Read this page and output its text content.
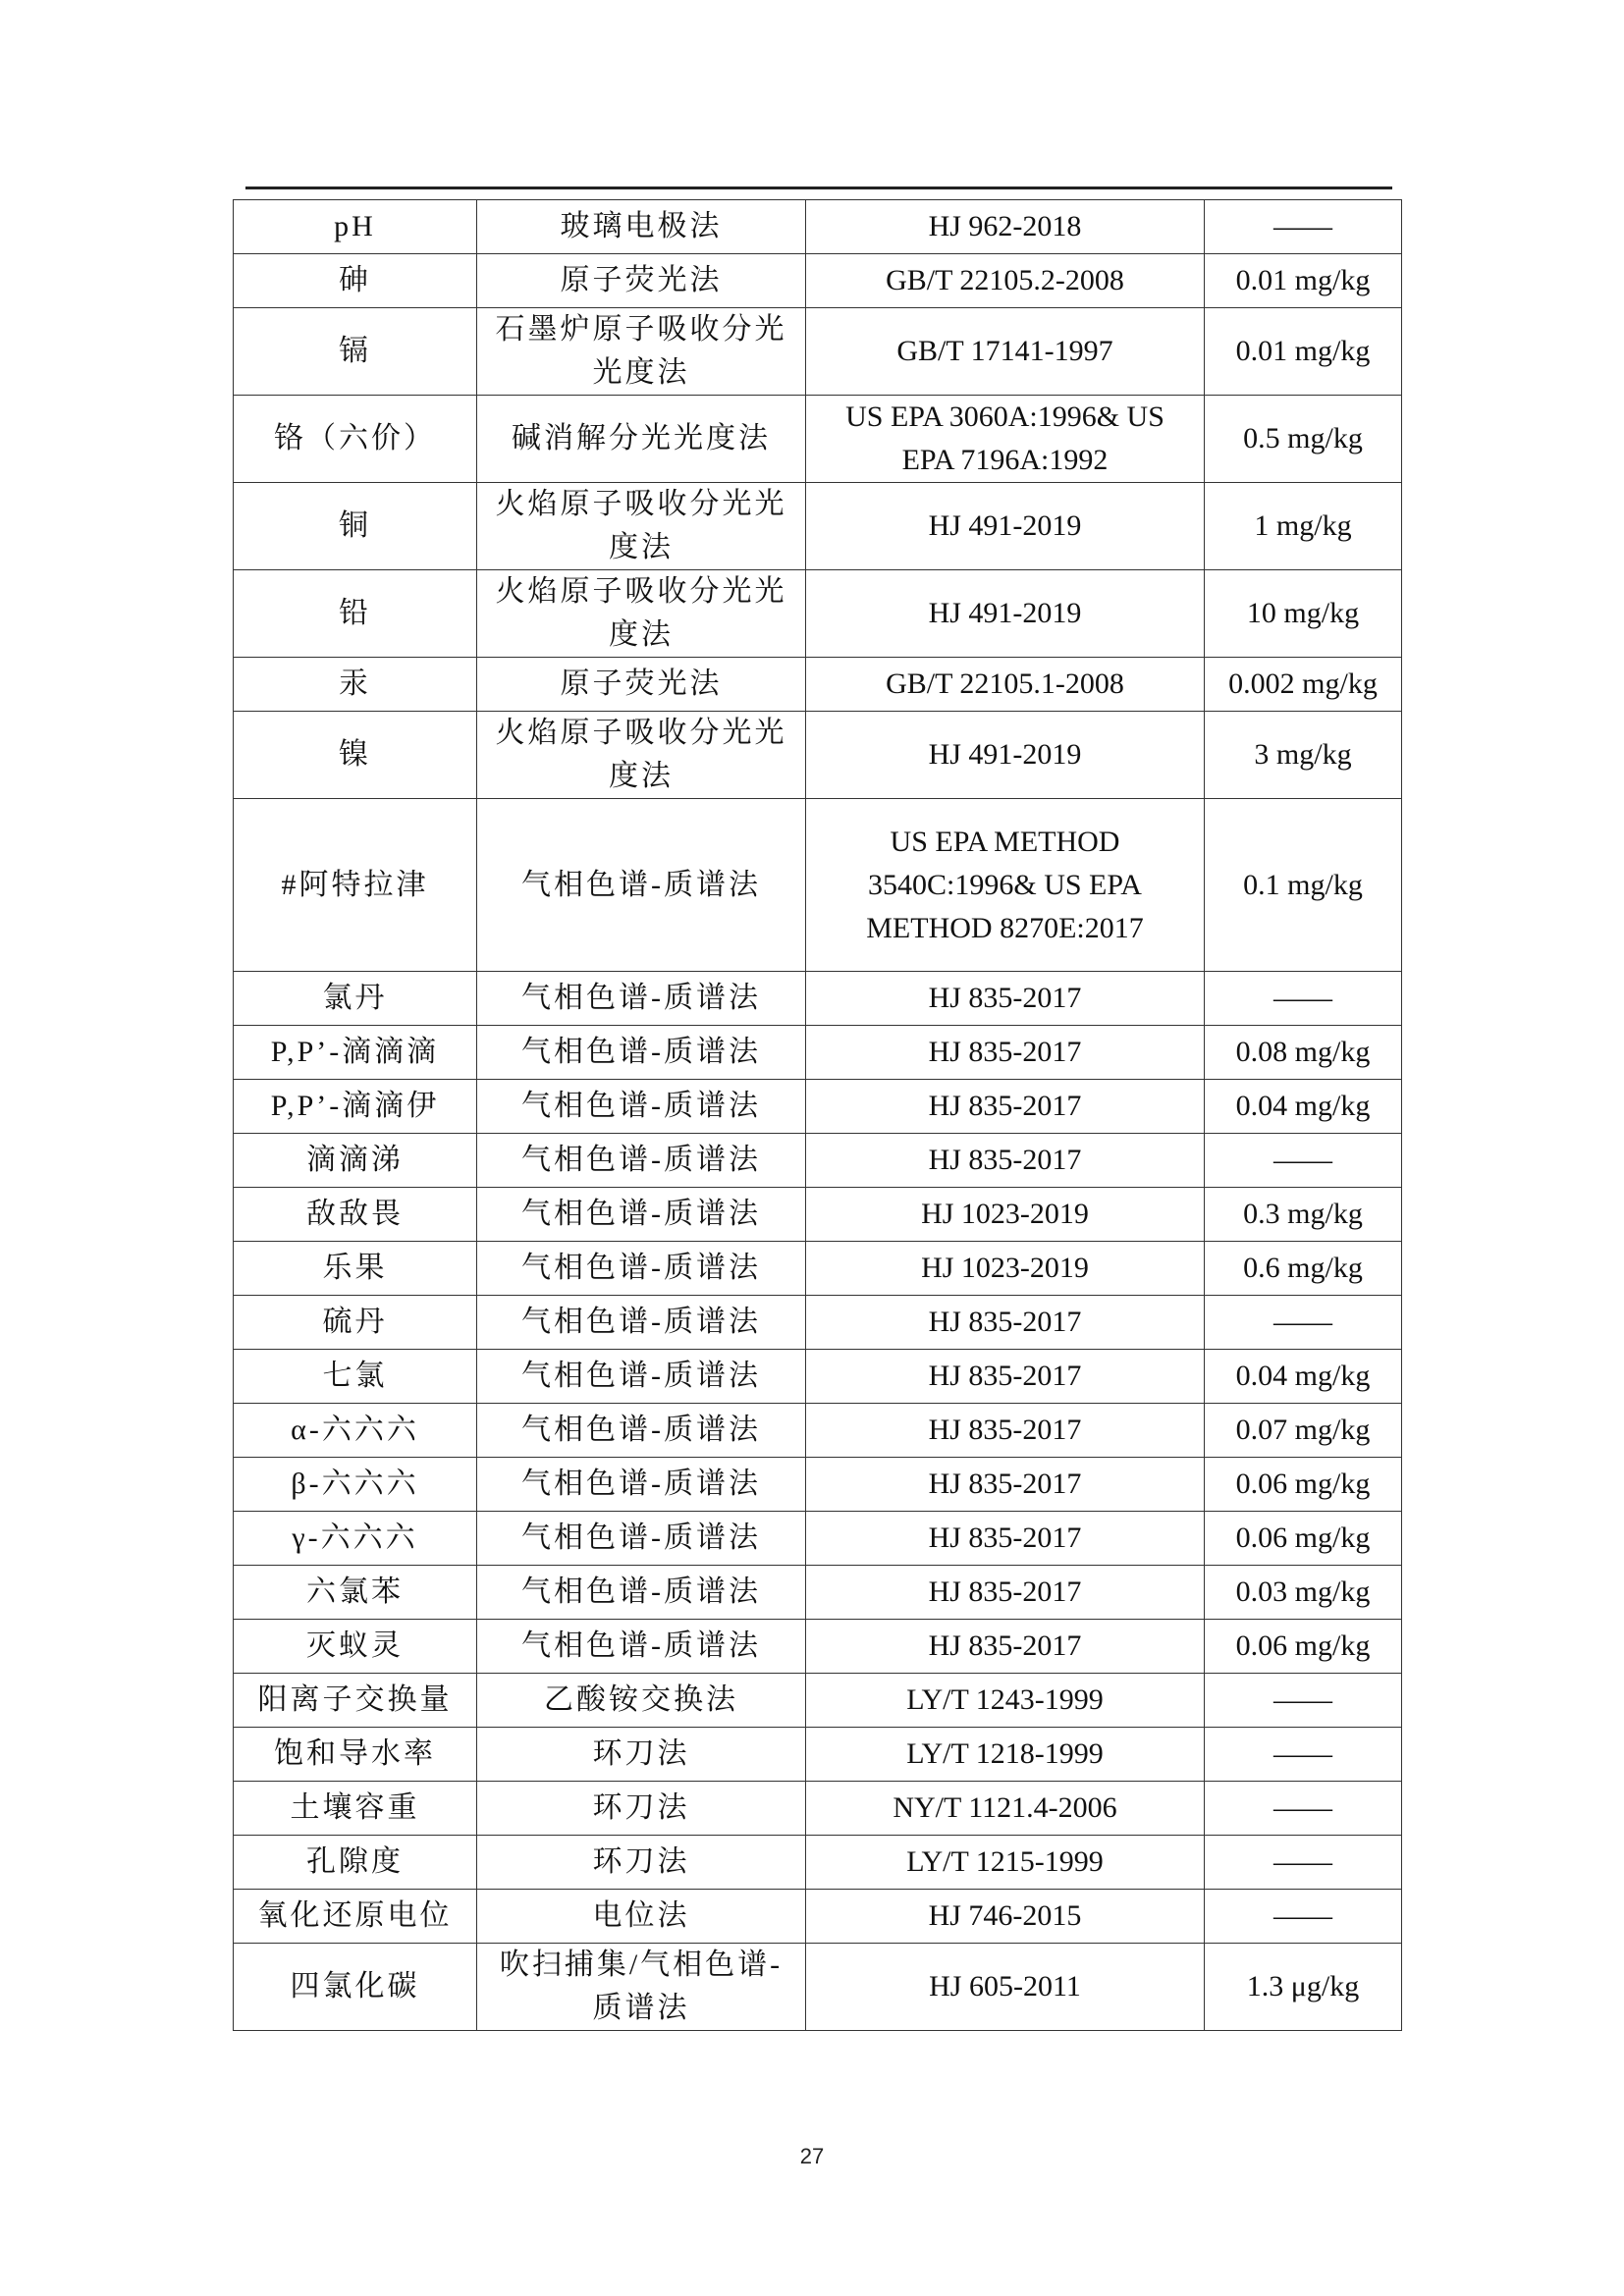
pH	玻璃电极法	HJ 962-2018	——
砷	原子荧光法	GB/T 22105.2-2008	0.01 mg/kg
镉	石墨炉原子吸收分光光度法	GB/T 17141-1997	0.01 mg/kg
铬（六价）	碱消解分光光度法	US EPA 3060A:1996& US EPA 7196A:1992	0.5 mg/kg
铜	火焰原子吸收分光光度法	HJ 491-2019	1 mg/kg
铅	火焰原子吸收分光光度法	HJ 491-2019	10 mg/kg
汞	原子荧光法	GB/T 22105.1-2008	0.002 mg/kg
镍	火焰原子吸收分光光度法	HJ 491-2019	3 mg/kg
#阿特拉津	气相色谱-质谱法	US EPA METHOD 3540C:1996& US EPA METHOD 8270E:2017	0.1 mg/kg
氯丹	气相色谱-质谱法	HJ 835-2017	——
P,P’-滴滴滴	气相色谱-质谱法	HJ 835-2017	0.08 mg/kg
P,P’-滴滴伊	气相色谱-质谱法	HJ 835-2017	0.04 mg/kg
滴滴涕	气相色谱-质谱法	HJ 835-2017	——
敌敌畏	气相色谱-质谱法	HJ 1023-2019	0.3 mg/kg
乐果	气相色谱-质谱法	HJ 1023-2019	0.6 mg/kg
硫丹	气相色谱-质谱法	HJ 835-2017	——
七氯	气相色谱-质谱法	HJ 835-2017	0.04 mg/kg
α-六六六	气相色谱-质谱法	HJ 835-2017	0.07 mg/kg
β-六六六	气相色谱-质谱法	HJ 835-2017	0.06 mg/kg
γ-六六六	气相色谱-质谱法	HJ 835-2017	0.06 mg/kg
六氯苯	气相色谱-质谱法	HJ 835-2017	0.03 mg/kg
灭蚁灵	气相色谱-质谱法	HJ 835-2017	0.06 mg/kg
阳离子交换量	乙酸铵交换法	LY/T 1243-1999	——
饱和导水率	环刀法	LY/T 1218-1999	——
土壤容重	环刀法	NY/T 1121.4-2006	——
孔隙度	环刀法	LY/T 1215-1999	——
氧化还原电位	电位法	HJ 746-2015	——
四氯化碳	吹扫捕集/气相色谱-质谱法	HJ 605-2011	1.3 μg/kg
27
